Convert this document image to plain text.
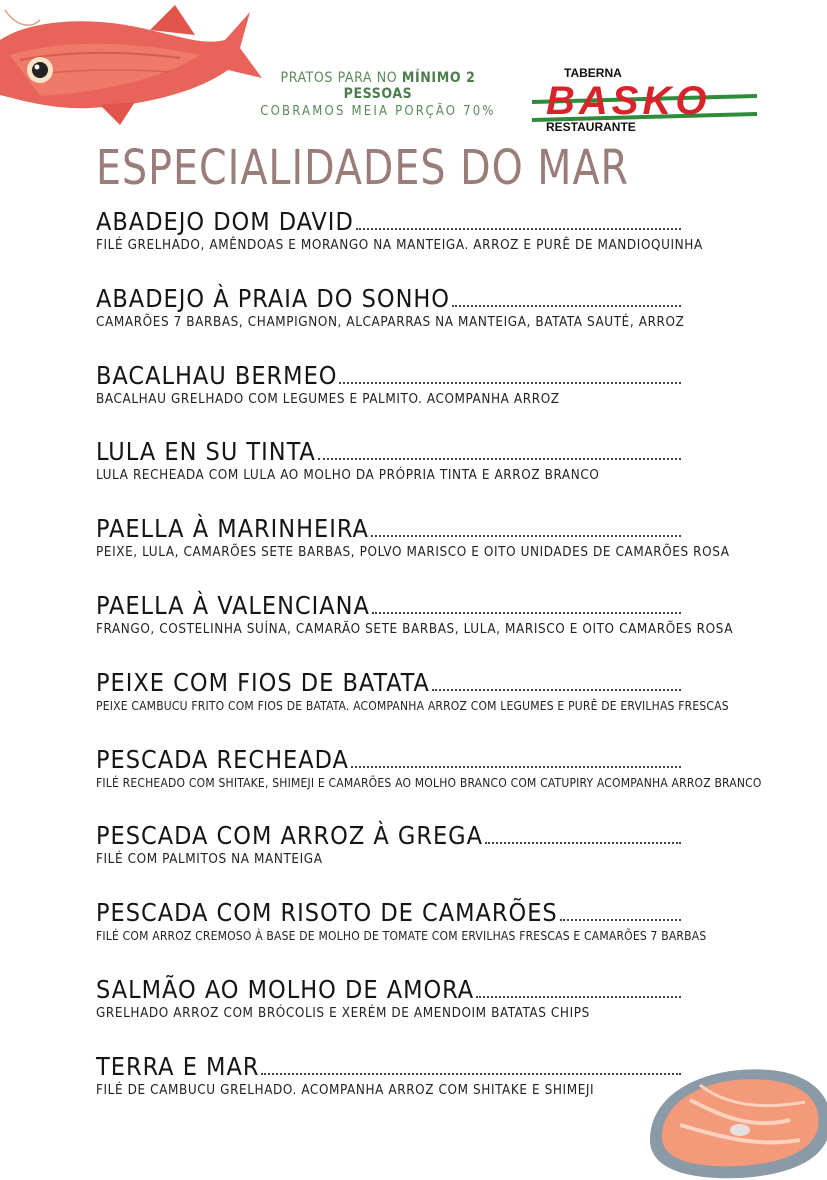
PRATOS PARA NO MÍNIMO 2 PESSOAS
COBRAMOS MEIA PORÇÃO 70%
TABERNA
BASKO
RESTAURANTE
ESPECIALIDADES DO MAR
ABADEJO DOM DAVID
FILÉ GRELHADO, AMÊNDOAS E MORANGO NA MANTEIGA. ARROZ E PURÊ DE MANDIOQUINHA
ABADEJO À PRAIA DO SONHO
CAMARÕES 7 BARBAS, CHAMPIGNON, ALCAPARRAS NA MANTEIGA, BATATA SAUTÉ, ARROZ
BACALHAU BERMEO
BACALHAU GRELHADO COM LEGUMES E PALMITO. ACOMPANHA ARROZ
LULA EN SU TINTA
LULA RECHEADA COM LULA AO MOLHO DA PRÓPRIA TINTA E ARROZ BRANCO
PAELLA À MARINHEIRA
PEIXE, LULA, CAMARÕES SETE BARBAS, POLVO MARISCO E OITO UNIDADES DE CAMARÕES ROSA
PAELLA À VALENCIANA
FRANGO, COSTELINHA SUÍNA, CAMARÃO SETE BARBAS, LULA, MARISCO E OITO CAMARÕES ROSA
PEIXE COM FIOS DE BATATA
PEIXE CAMBUCU FRITO COM FIOS DE BATATA. ACOMPANHA ARROZ COM LEGUMES E PURÊ DE ERVILHAS FRESCAS
PESCADA RECHEADA
FILÉ RECHEADO COM SHITAKE, SHIMEJI E CAMARÕES AO MOLHO BRANCO COM CATUPIRY ACOMPANHA ARROZ BRANCO
PESCADA COM ARROZ À GREGA
FILÉ COM PALMITOS NA MANTEIGA
PESCADA COM RISOTO DE CAMARÕES
FILÉ COM ARROZ CREMOSO À BASE DE MOLHO DE TOMATE COM ERVILHAS FRESCAS E CAMARÕES 7 BARBAS
SALMÃO AO MOLHO DE AMORA
GRELHADO ARROZ COM BRÓCOLIS E XERÉM DE AMENDOIM BATATAS CHIPS
TERRA E MAR
FILÉ DE CAMBUCU GRELHADO. ACOMPANHA ARROZ COM SHITAKE E SHIMEJI
